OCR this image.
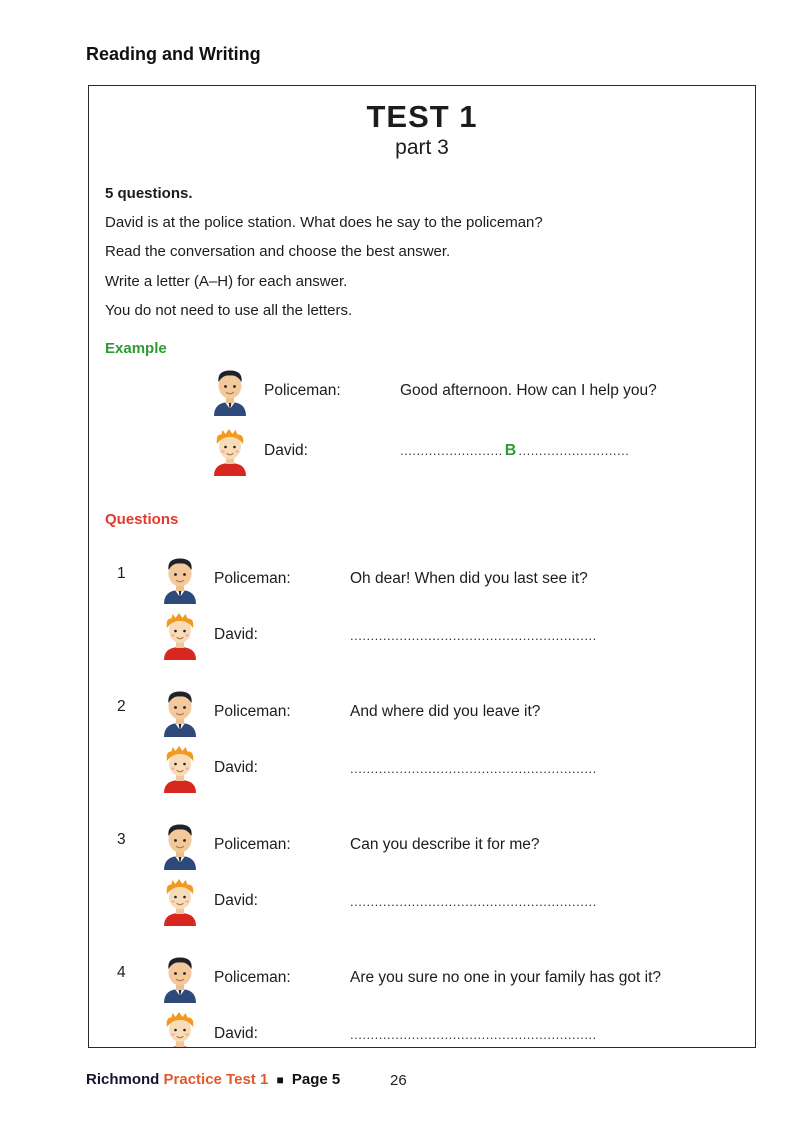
Reading and Writing
TEST 1
part 3
5 questions.
David is at the police station. What does he say to the policeman?
Read the conversation and choose the best answer.
Write a letter (A–H) for each answer.
You do not need to use all the letters.
Example
Policeman:	Good afternoon. How can I help you?
David:	......................... B ...........................
Questions
1	Policeman:	Oh dear! When did you last see it?
David:	............................................................
2	Policeman:	And where did you leave it?
David:	............................................................
3	Policeman:	Can you describe it for me?
David:	............................................................
4	Policeman:	Are you sure no one in your family has got it?
David:	............................................................
Richmond Practice Test 1 ■ Page 5	26
